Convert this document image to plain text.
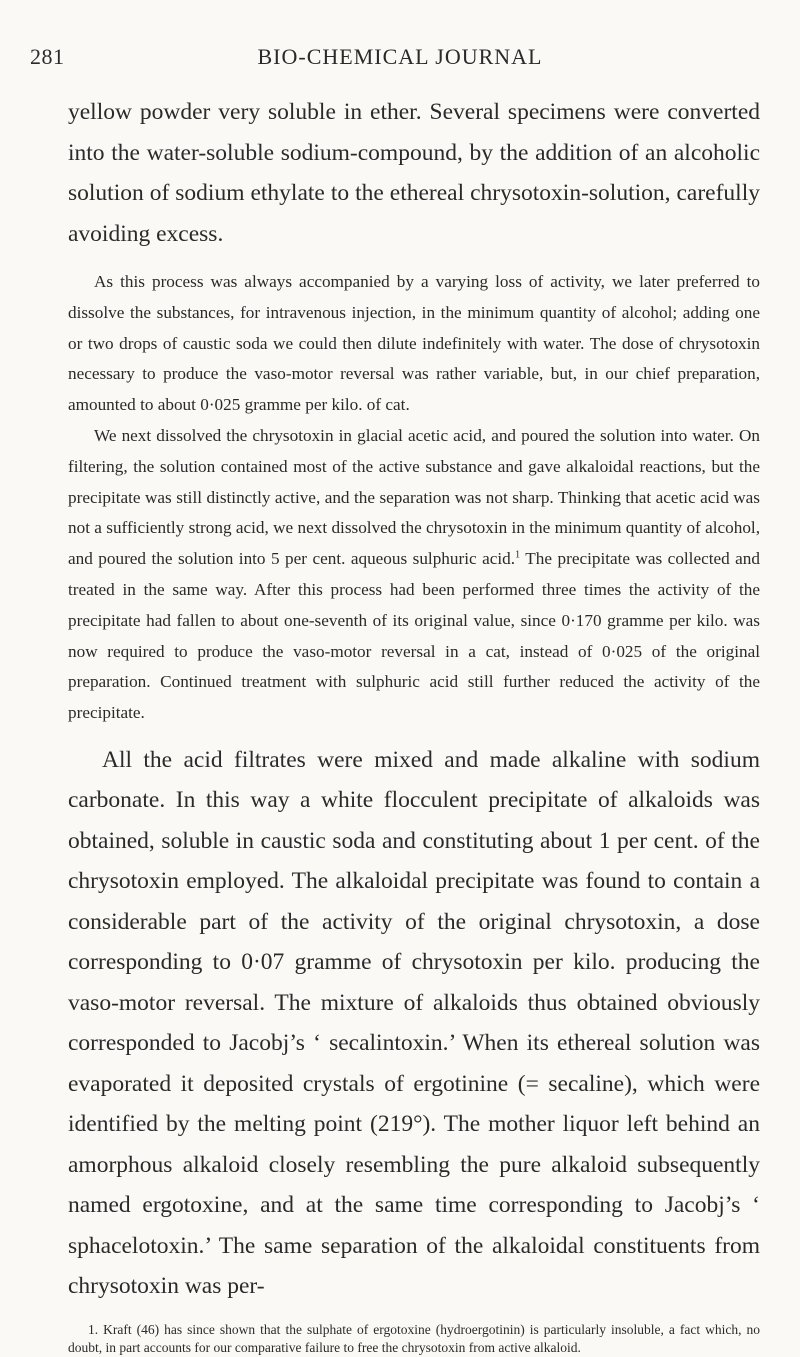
281	BIO-CHEMICAL JOURNAL

yellow powder very soluble in ether. Several specimens were converted into the water-soluble sodium-compound, by the addition of an alcoholic solution of sodium ethylate to the ethereal chrysotoxin-solution, carefully avoiding excess.

As this process was always accompanied by a varying loss of activity, we later preferred to dissolve the substances, for intravenous injection, in the minimum quantity of alcohol; adding one or two drops of caustic soda we could then dilute indefinitely with water. The dose of chrysotoxin necessary to produce the vaso-motor reversal was rather variable, but, in our chief preparation, amounted to about 0·025 gramme per kilo. of cat.

We next dissolved the chrysotoxin in glacial acetic acid, and poured the solution into water. On filtering, the solution contained most of the active substance and gave alkaloidal reactions, but the precipitate was still distinctly active, and the separation was not sharp. Thinking that acetic acid was not a sufficiently strong acid, we next dissolved the chrysotoxin in the minimum quantity of alcohol, and poured the solution into 5 per cent. aqueous sulphuric acid.$^1$ The precipitate was collected and treated in the same way. After this process had been performed three times the activity of the precipitate had fallen to about one-seventh of its original value, since 0·170 gramme per kilo. was now required to produce the vaso-motor reversal in a cat, instead of 0·025 of the original preparation. Continued treatment with sulphuric acid still further reduced the activity of the precipitate.

All the acid filtrates were mixed and made alkaline with sodium carbonate. In this way a white flocculent precipitate of alkaloids was obtained, soluble in caustic soda and constituting about 1 per cent. of the chrysotoxin employed. The alkaloidal precipitate was found to contain a considerable part of the activity of the original chrysotoxin, a dose corresponding to 0·07 gramme of chrysotoxin per kilo. producing the vaso-motor reversal. The mixture of alkaloids thus obtained obviously corresponded to Jacobj’s ‘ secalintoxin.’ When its ethereal solution was evaporated it deposited crystals of ergotinine (= secaline), which were identified by the melting point (219°). The mother liquor left behind an amorphous alkaloid closely resembling the pure alkaloid subsequently named ergotoxine, and at the same time corresponding to Jacobj’s ‘ sphacelotoxin.’ The same separation of the alkaloidal constituents from chrysotoxin was per-

1. Kraft (46) has since shown that the sulphate of ergotoxine (hydroergotinin) is particularly insoluble, a fact which, no doubt, in part accounts for our comparative failure to free the chrysotoxin from active alkaloid.
